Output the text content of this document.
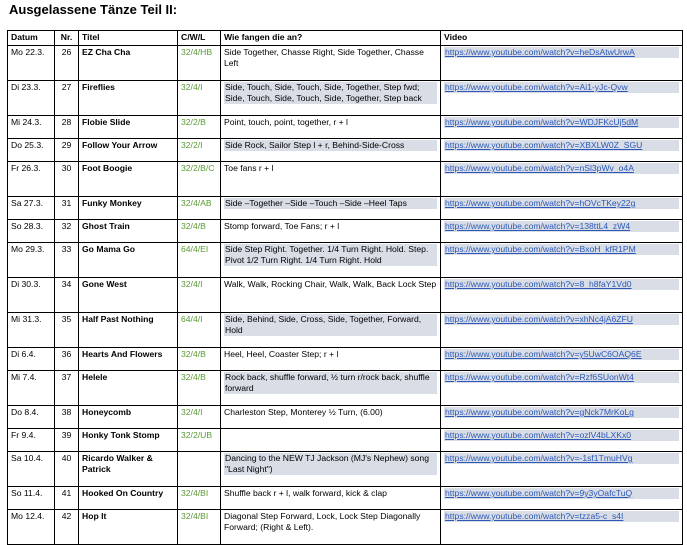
Ausgelassene Tänze Teil II:
Datum	Nr.	Titel	C/W/L	Wie fangen die an?	Video
Mo 22.3.	26	EZ Cha Cha	32/4/HB	Side Together, Chasse Right, Side Together, Chasse Left	https://www.youtube.com/watch?v=heDsAtwUrwA

Di 23.3.	27	Fireflies	32/4/I	Side, Touch, Side, Touch, Side, Together, Step fwd; Side, Touch, Side, Touch, Side, Together, Step back	https://www.youtube.com/watch?v=Ai1-yJc-Qvw

Mi 24.3.	28	Flobie Slide	32/2/B	Point, touch, point, together, r + l	https://www.youtube.com/watch?v=WDJFKcUj5dM

Do 25.3.	29	Follow Your Arrow	32/2/I	Side Rock, Sailor Step l + r, Behind-Side-Cross	https://www.youtube.com/watch?v=XBXLW0Z_SGU

Fr 26.3.	30	Foot Boogie	32/2/B/C	Toe fans r + l	https://www.youtube.com/watch?v=nSl3pWv_o4A

Sa 27.3.	31	Funky Monkey	32/4/AB	Side –Together –Side –Touch –Side –Heel Taps	https://www.youtube.com/watch?v=hOVcTKey22g

So 28.3.	32	Ghost Train	32/4/B	Stomp forward, Toe Fans; r + l	https://www.youtube.com/watch?v=138ttL4_zW4

Mo 29.3.	33	Go Mama Go	64/4/EI	Side Step Right. Together. 1/4 Turn Right. Hold. Step. Pivot 1/2 Turn Right. 1/4 Turn Right. Hold	https://www.youtube.com/watch?v=BxoH_kfR1PM

Di 30.3.	34	Gone West	32/4/I	Walk, Walk, Rocking Chair, Walk, Walk, Back Lock Step	https://www.youtube.com/watch?v=8_h8faY1Vd0

Mi 31.3.	35	Half Past Nothing	64/4/I	Side, Behind, Side, Cross, Side, Together, Forward, Hold	https://www.youtube.com/watch?v=xhNc4jA6ZFU

Di 6.4.	36	Hearts And Flowers	32/4/B	Heel, Heel, Coaster Step; r + l	https://www.youtube.com/watch?v=y5UwC6OAQ6E

Mi 7.4.	37	Helele	32/4/B	Rock back, shuffle forward, ½ turn r/rock back, shuffle forward	https://www.youtube.com/watch?v=Rzf6SUonWt4

Do 8.4.	38	Honeycomb	32/4/I	Charleston Step, Monterey ½ Turn, (6.00)	https://www.youtube.com/watch?v=gNck7MrKoLg

Fr 9.4.	39	Honky Tonk Stomp	32/2/UB		https://www.youtube.com/watch?v=ozlV4bLXKx0

Sa 10.4.	40	Ricardo Walker & Patrick		Dancing to the NEW TJ Jackson (MJ's Nephew) song "Last Night")	https://www.youtube.com/watch?v=-1sf1TmuHVg

So 11.4.	41	Hooked On Country	32/4/BI	Shuffle back r + l, walk forward, kick & clap	https://www.youtube.com/watch?v=9y3yOafcTuQ

Mo 12.4.	42	Hop It	32/4/BI	Diagonal Step Forward, Lock, Lock Step Diagonally Forward; (Right & Left).	https://www.youtube.com/watch?v=tzza5-c_s4I
